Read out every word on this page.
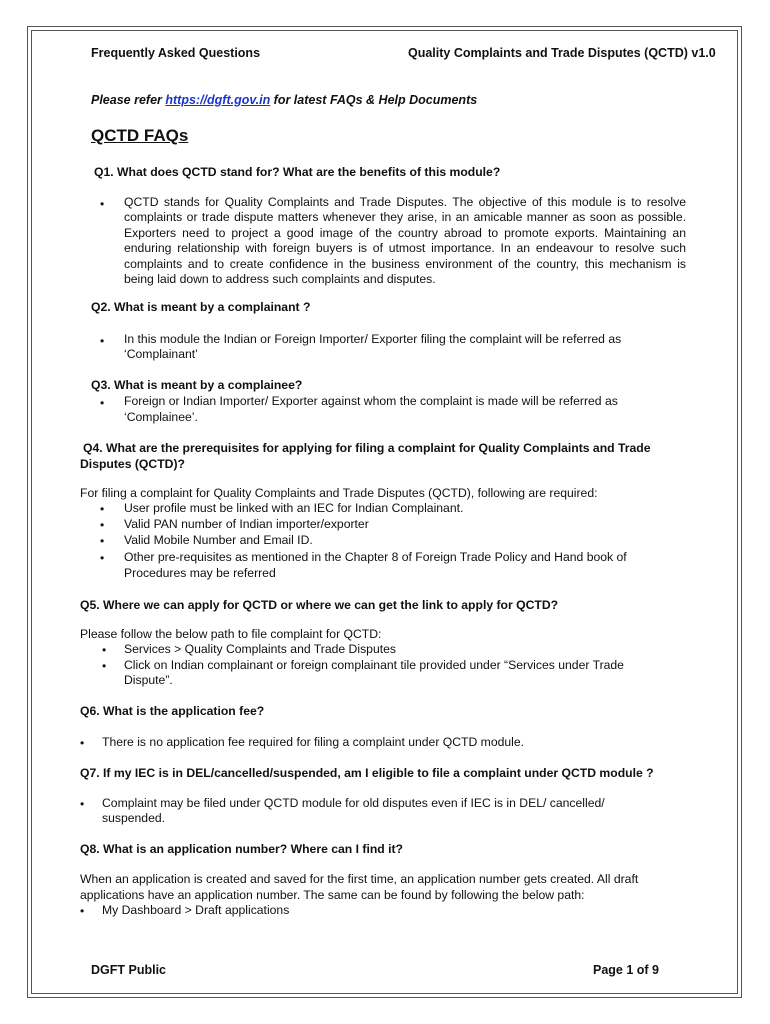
Frequently Asked Questions	Quality Complaints and Trade Disputes (QCTD) v1.0
Please refer https://dgft.gov.in for latest FAQs & Help Documents
QCTD FAQs
Q1. What does QCTD stand for? What are the benefits of this module?
• QCTD stands for Quality Complaints and Trade Disputes. The objective of this module is to resolve complaints or trade dispute matters whenever they arise, in an amicable manner as soon as possible. Exporters need to project a good image of the country abroad to promote exports. Maintaining an enduring relationship with foreign buyers is of utmost importance. In an endeavour to resolve such complaints and to create confidence in the business environment of the country, this mechanism is being laid down to address such complaints and disputes.
Q2. What is meant by a complainant ?
• In this module the Indian or Foreign Importer/ Exporter filing the complaint will be referred as
‘Complainant’
Q3. What is meant by a complainee?
• Foreign or Indian Importer/ Exporter against whom the complaint is made will be referred as
‘Complainee’.
Q4. What are the prerequisites for applying for filing a complaint for Quality Complaints and Trade
Disputes (QCTD)?
For filing a complaint for Quality Complaints and Trade Disputes (QCTD), following are required:
• User profile must be linked with an IEC for Indian Complainant.
• Valid PAN number of Indian importer/exporter
• Valid Mobile Number and Email ID.
• Other pre-requisites as mentioned in the Chapter 8 of Foreign Trade Policy and Hand book of
Procedures may be referred
Q5. Where we can apply for QCTD or where we can get the link to apply for QCTD?
Please follow the below path to file complaint for QCTD:
• Services > Quality Complaints and Trade Disputes
• Click on Indian complainant or foreign complainant tile provided under “Services under Trade
Dispute”.
Q6. What is the application fee?
• There is no application fee required for filing a complaint under QCTD module.
Q7. If my IEC is in DEL/cancelled/suspended, am I eligible to file a complaint under QCTD module ?
• Complaint may be filed under QCTD module for old disputes even if IEC is in DEL/ cancelled/
suspended.
Q8. What is an application number? Where can I find it?
When an application is created and saved for the first time, an application number gets created. All draft
applications have an application number. The same can be found by following the below path:
• My Dashboard > Draft applications
DGFT Public	Page 1 of 9
